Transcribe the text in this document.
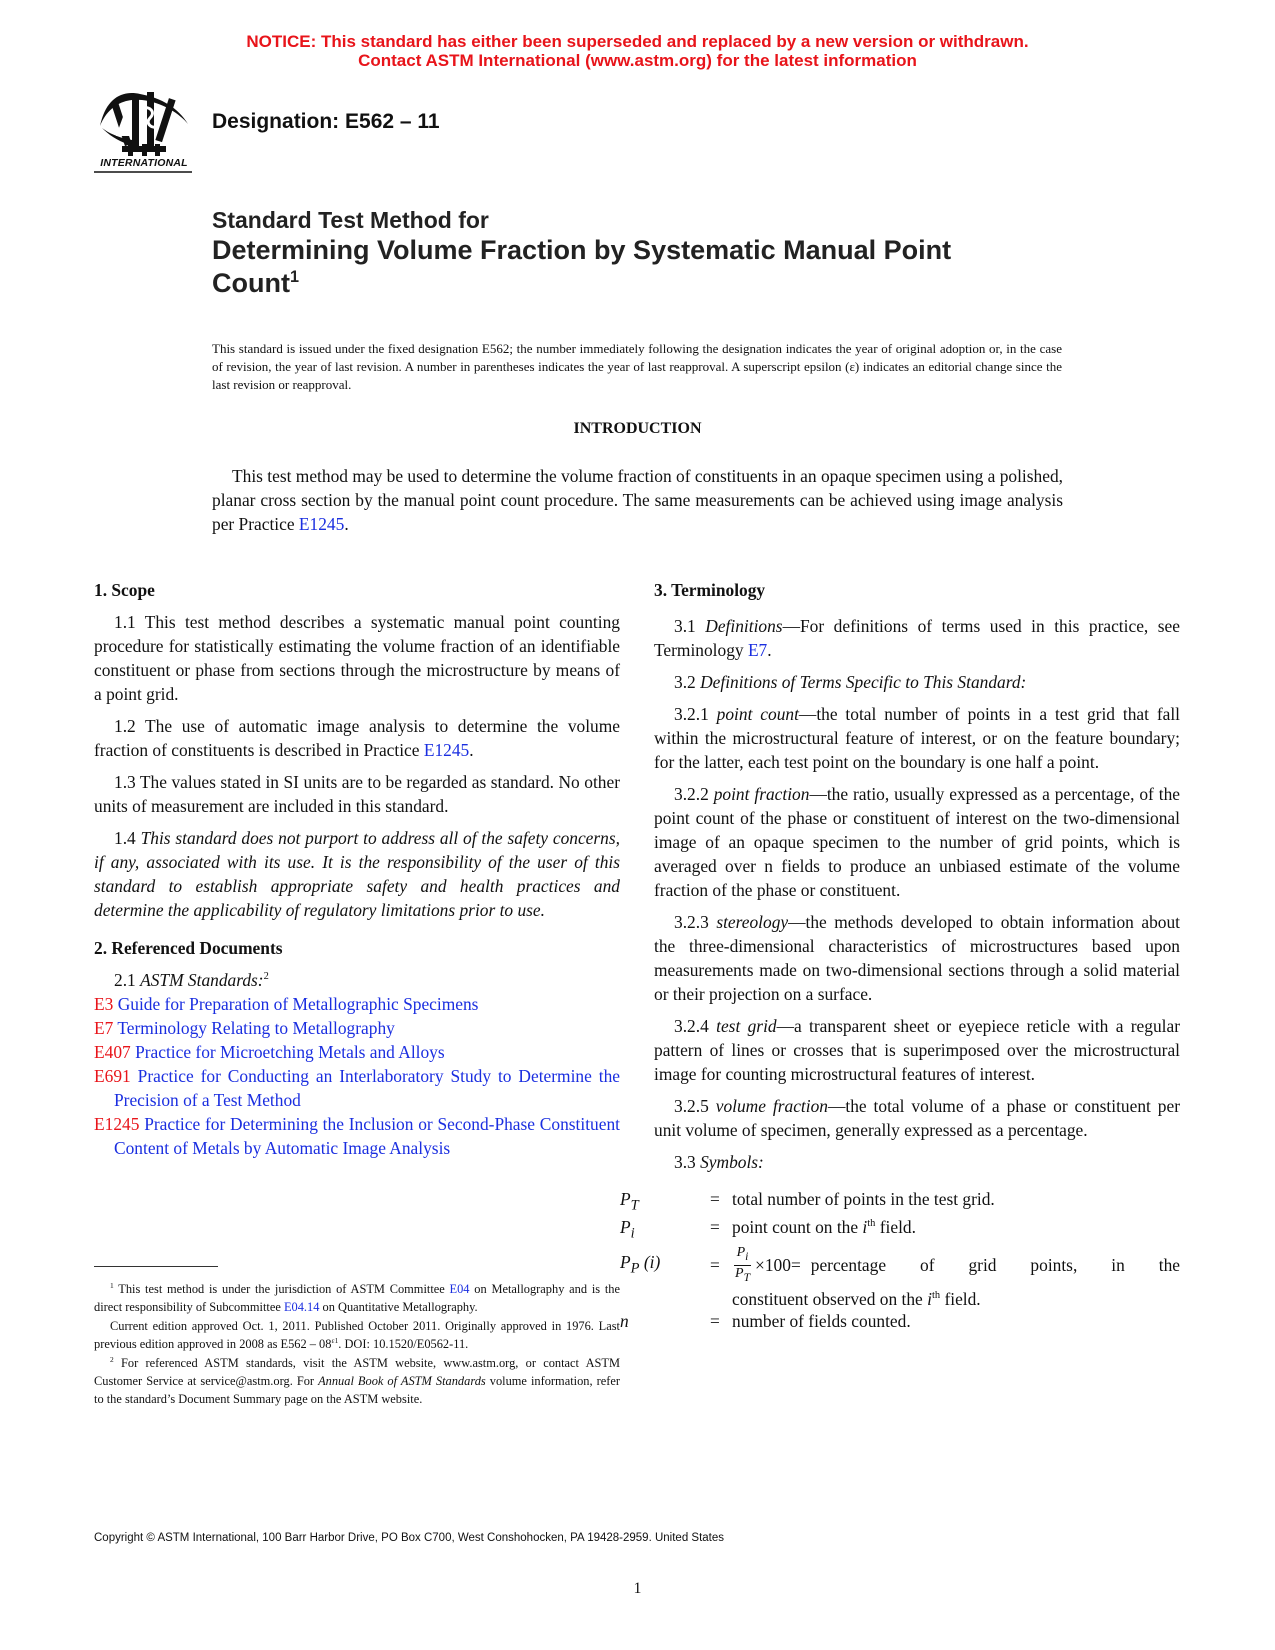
NOTICE: This standard has either been superseded and replaced by a new version or withdrawn.
Contact ASTM International (www.astm.org) for the latest information
INTERNATIONAL
Designation: E562 – 11
Standard Test Method for
Determining Volume Fraction by Systematic Manual Point
Count$^1$
This standard is issued under the fixed designation E562; the number immediately following the designation indicates the year of original adoption or, in the case of revision, the year of last revision. A number in parentheses indicates the year of last reapproval. A superscript epsilon (ε) indicates an editorial change since the last revision or reapproval.
INTRODUCTION
This test method may be used to determine the volume fraction of constituents in an opaque specimen using a polished, planar cross section by the manual point count procedure. The same measurements can be achieved using image analysis per Practice E1245.
1. Scope

1.1 This test method describes a systematic manual point counting procedure for statistically estimating the volume fraction of an identifiable constituent or phase from sections through the microstructure by means of a point grid.

1.2 The use of automatic image analysis to determine the volume fraction of constituents is described in Practice E1245.

1.3 The values stated in SI units are to be regarded as standard. No other units of measurement are included in this standard.

1.4 This standard does not purport to address all of the safety concerns, if any, associated with its use. It is the responsibility of the user of this standard to establish appropriate safety and health practices and determine the applicability of regulatory limitations prior to use.

2. Referenced Documents

2.1 ASTM Standards:$^2$

E3 Guide for Preparation of Metallographic Specimens
E7 Terminology Relating to Metallography
E407 Practice for Microetching Metals and Alloys
E691 Practice for Conducting an Interlaboratory Study to Determine the Precision of a Test Method
E1245 Practice for Determining the Inclusion or Second-Phase Constituent Content of Metals by Automatic Image Analysis

$^1$ This test method is under the jurisdiction of ASTM Committee E04 on Metallography and is the direct responsibility of Subcommittee E04.14 on Quantitative Metallography.

Current edition approved Oct. 1, 2011. Published October 2011. Originally approved in 1976. Last previous edition approved in 2008 as $E562 - 08^{\varepsilon 1}$. DOI: 10.1520/E0562-11.

$^2$ For referenced ASTM standards, visit the ASTM website, www.astm.org, or contact ASTM Customer Service at service@astm.org. For Annual Book of ASTM Standards volume information, refer to the standard’s Document Summary page on the ASTM website.

3. Terminology

3.1 Definitions—For definitions of terms used in this practice, see Terminology E7.

3.2 Definitions of Terms Specific to This Standard:

3.2.1 point count—the total number of points in a test grid that fall within the microstructural feature of interest, or on the feature boundary; for the latter, each test point on the boundary is one half a point.

3.2.2 point fraction—the ratio, usually expressed as a percentage, of the point count of the phase or constituent of interest on the two-dimensional image of an opaque specimen to the number of grid points, which is averaged over n fields to produce an unbiased estimate of the volume fraction of the phase or constituent.

3.2.3 stereology—the methods developed to obtain information about the three-dimensional characteristics of microstructures based upon measurements made on two-dimensional sections through a solid material or their projection on a surface.

3.2.4 test grid—a transparent sheet or eyepiece reticle with a regular pattern of lines or crosses that is superimposed over the microstructural image for counting microstructural features of interest.

3.2.5 volume fraction—the total volume of a phase or constituent per unit volume of specimen, generally expressed as a percentage.

3.3 Symbols:

$P_T$	= total number of points in the test grid.
$P_i$	= point count on the $i^{th}$ field.
$P_P$ (i)	= $\frac{P_i}{P_T} \times 100=$ percentage of grid points, in the
constituent observed on the $i^{th}$ field.
n	= number of fields counted.
Copyright © ASTM International, 100 Barr Harbor Drive, PO Box C700, West Conshohocken, PA 19428-2959. United States
1
